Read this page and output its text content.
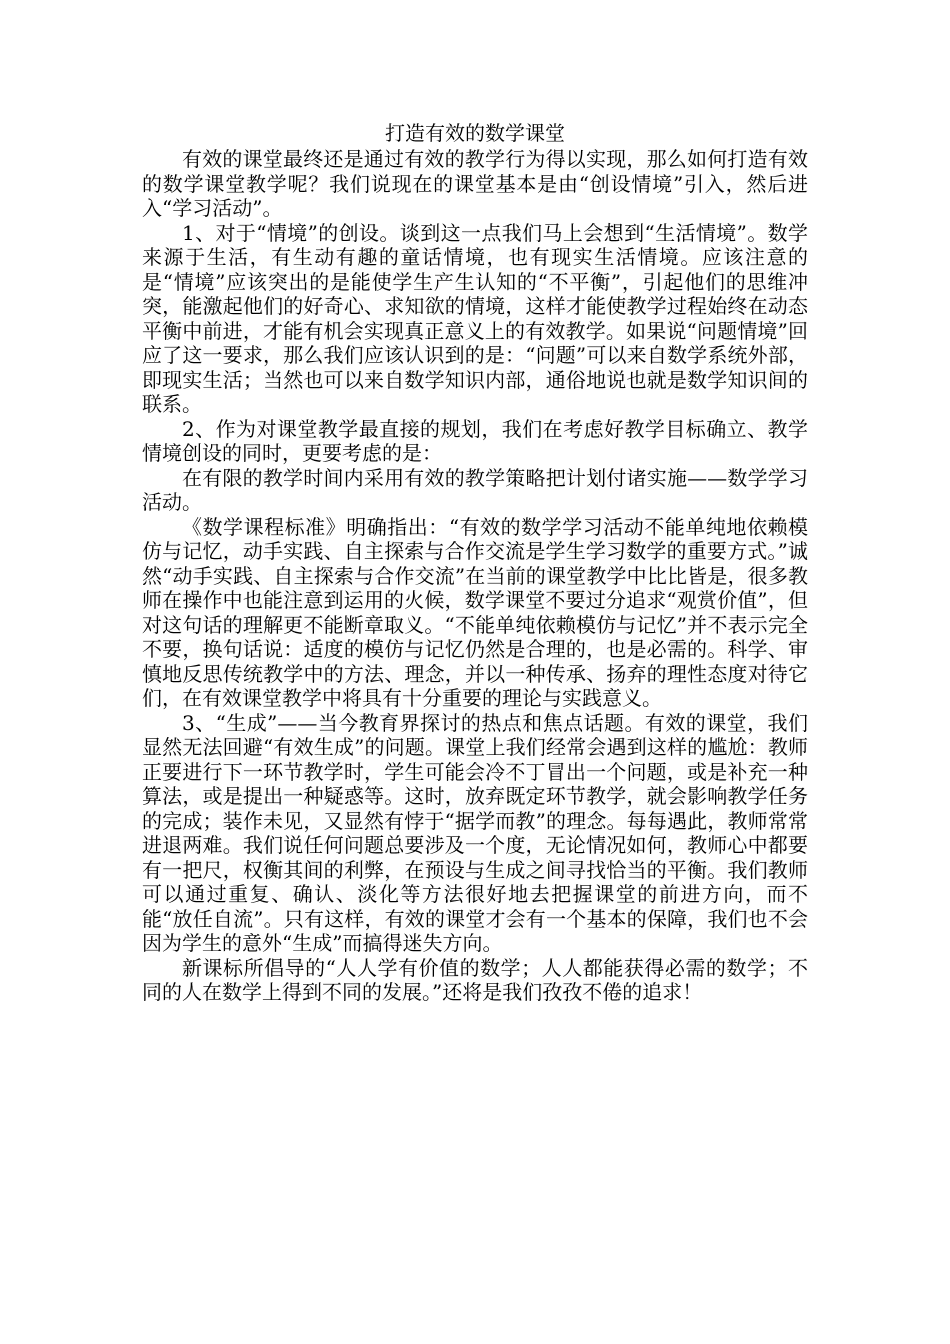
打造有效的数学课堂

有效的课堂最终还是通过有效的教学行为得以实现，那么如何打造有效的数学课堂教学呢？我们说现在的课堂基本是由“创设情境”引入，然后进入“学习活动”。

1、对于“情境”的创设。谈到这一点我们马上会想到“生活情境”。数学来源于生活，有生动有趣的童话情境，也有现实生活情境。应该注意的是“情境”应该突出的是能使学生产生认知的“不平衡”，引起他们的思维冲突，能激起他们的好奇心、求知欲的情境，这样才能使教学过程始终在动态平衡中前进，才能有机会实现真正意义上的有效教学。如果说“问题情境”回应了这一要求，那么我们应该认识到的是：“问题”可以来自数学系统外部，即现实生活；当然也可以来自数学知识内部，通俗地说也就是数学知识间的联系。

2、作为对课堂教学最直接的规划，我们在考虑好教学目标确立、教学情境创设的同时，更要考虑的是：

在有限的教学时间内采用有效的教学策略把计划付诸实施——数学学习活动。

《数学课程标准》明确指出：“有效的数学学习活动不能单纯地依赖模仿与记忆，动手实践、自主探索与合作交流是学生学习数学的重要方式。”诚然“动手实践、自主探索与合作交流”在当前的课堂教学中比比皆是，很多教师在操作中也能注意到运用的火候，数学课堂不要过分追求“观赏价值”，但对这句话的理解更不能断章取义。“不能单纯依赖模仿与记忆”并不表示完全不要，换句话说：适度的模仿与记忆仍然是合理的，也是必需的。科学、审慎地反思传统教学中的方法、理念，并以一种传承、扬弃的理性态度对待它们，在有效课堂教学中将具有十分重要的理论与实践意义。

3、“生成”——当今教育界探讨的热点和焦点话题。有效的课堂，我们显然无法回避“有效生成”的问题。课堂上我们经常会遇到这样的尴尬：教师正要进行下一环节教学时，学生可能会冷不丁冒出一个问题，或是补充一种算法，或是提出一种疑惑等。这时，放弃既定环节教学，就会影响教学任务的完成；装作未见，又显然有悖于“据学而教”的理念。每每遇此，教师常常进退两难。我们说任何问题总要涉及一个度，无论情况如何，教师心中都要有一把尺，权衡其间的利弊，在预设与生成之间寻找恰当的平衡。我们教师可以通过重复、确认、淡化等方法很好地去把握课堂的前进方向，而不能“放任自流”。只有这样，有效的课堂才会有一个基本的保障，我们也不会因为学生的意外“生成”而搞得迷失方向。

新课标所倡导的“人人学有价值的数学；人人都能获得必需的数学；不同的人在数学上得到不同的发展。”还将是我们孜孜不倦的追求！
